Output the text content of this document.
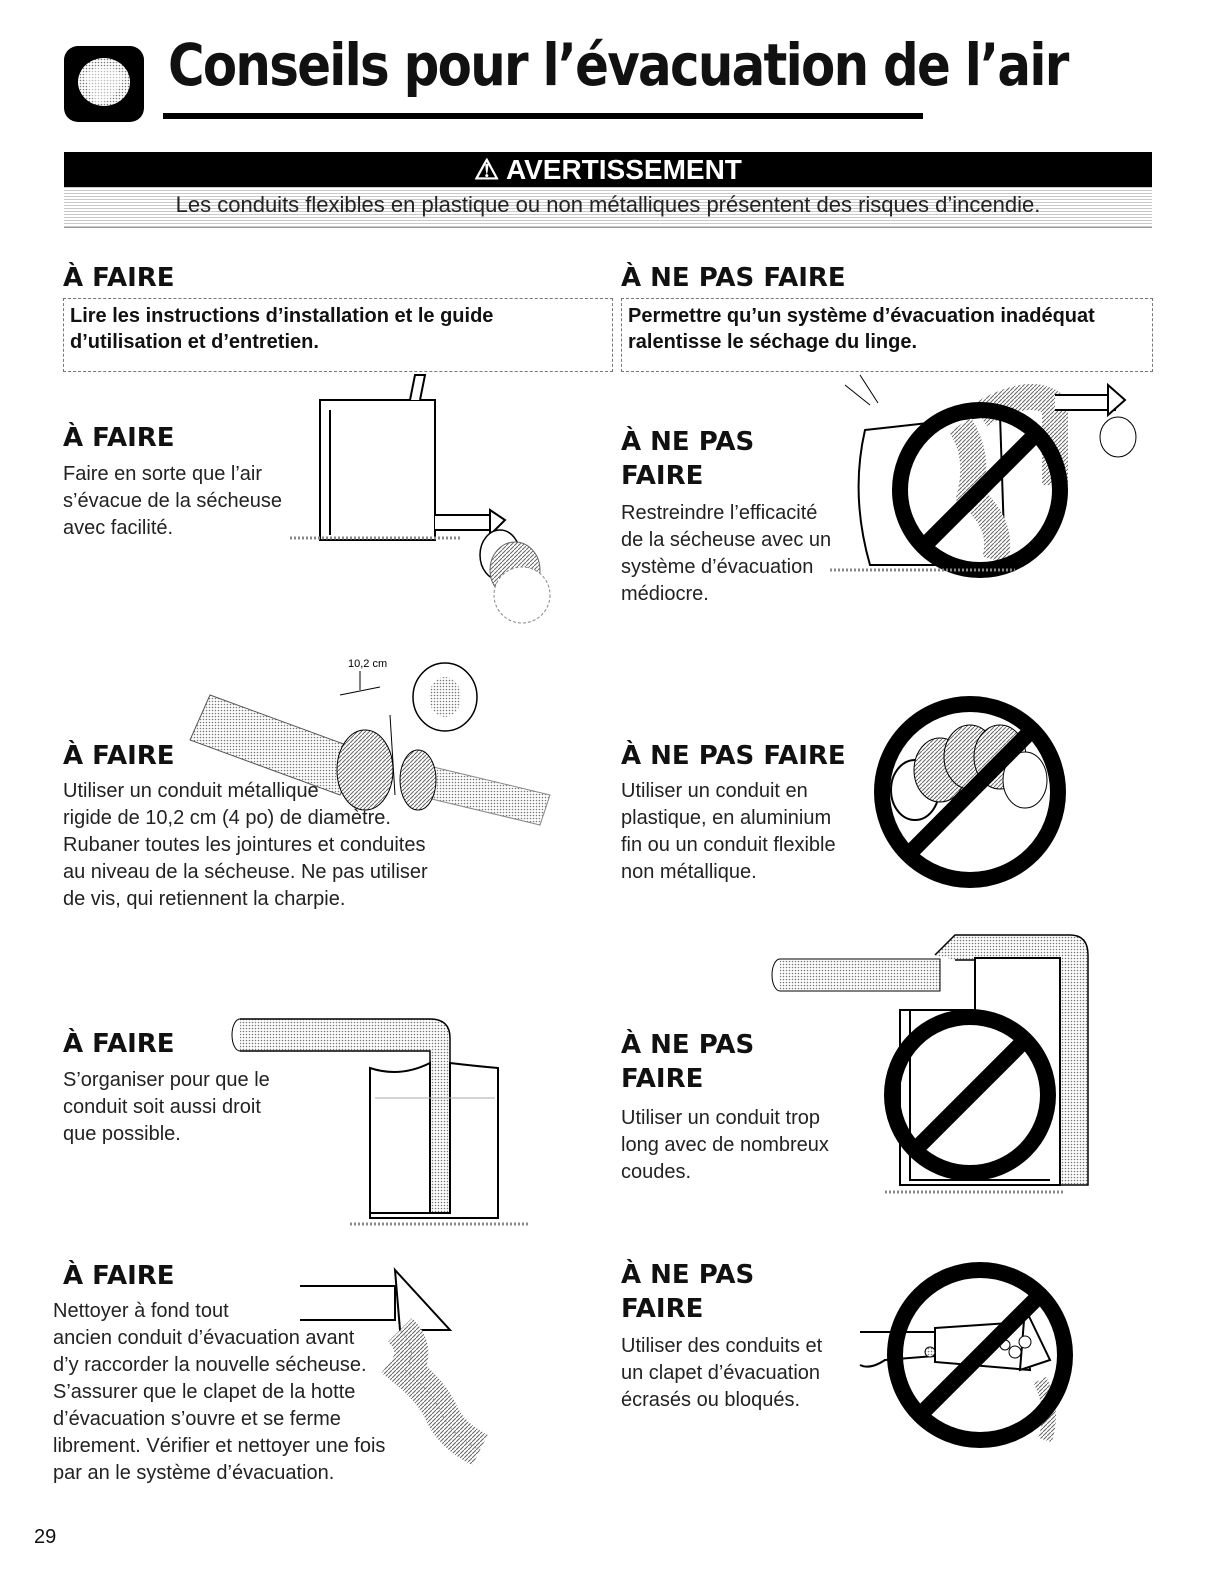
Conseils pour l’évacuation de l’air
⚠ AVERTISSEMENT
Les conduits flexibles en plastique ou non métalliques présentent des risques d’incendie.
À FAIRE
Lire les instructions d’installation et le guide d’utilisation et d’entretien.
À FAIRE
Faire en sorte que l’air
s’évacue de la sécheuse
avec facilité.
10,2 cm
À FAIRE
Utiliser un conduit métallique
rigide de 10,2 cm (4 po) de diamètre.
Rubaner toutes les jointures et conduites
au niveau de la sécheuse. Ne pas utiliser
de vis, qui retiennent la charpie.
À FAIRE
S’organiser pour que le
conduit soit aussi droit
que possible.
À FAIRE
Nettoyer à fond tout
ancien conduit d’évacuation avant
d’y raccorder la nouvelle sécheuse.
S’assurer que le clapet de la hotte
d’évacuation s’ouvre et se ferme
librement. Vérifier et nettoyer une fois
par an le système d’évacuation.
À NE PAS FAIRE
Permettre qu’un système d’évacuation inadéquat ralentisse le séchage du linge.
À NE PAS
FAIRE
Restreindre l’efficacité
de la sécheuse avec un
système d’évacuation
médiocre.
À NE PAS FAIRE
Utiliser un conduit en
plastique, en aluminium
fin ou un conduit flexible
non métallique.
À NE PAS
FAIRE
Utiliser un conduit trop
long avec de nombreux
coudes.
À NE PAS
FAIRE
Utiliser des conduits et
un clapet d’évacuation
écrasés ou bloqués.
29
